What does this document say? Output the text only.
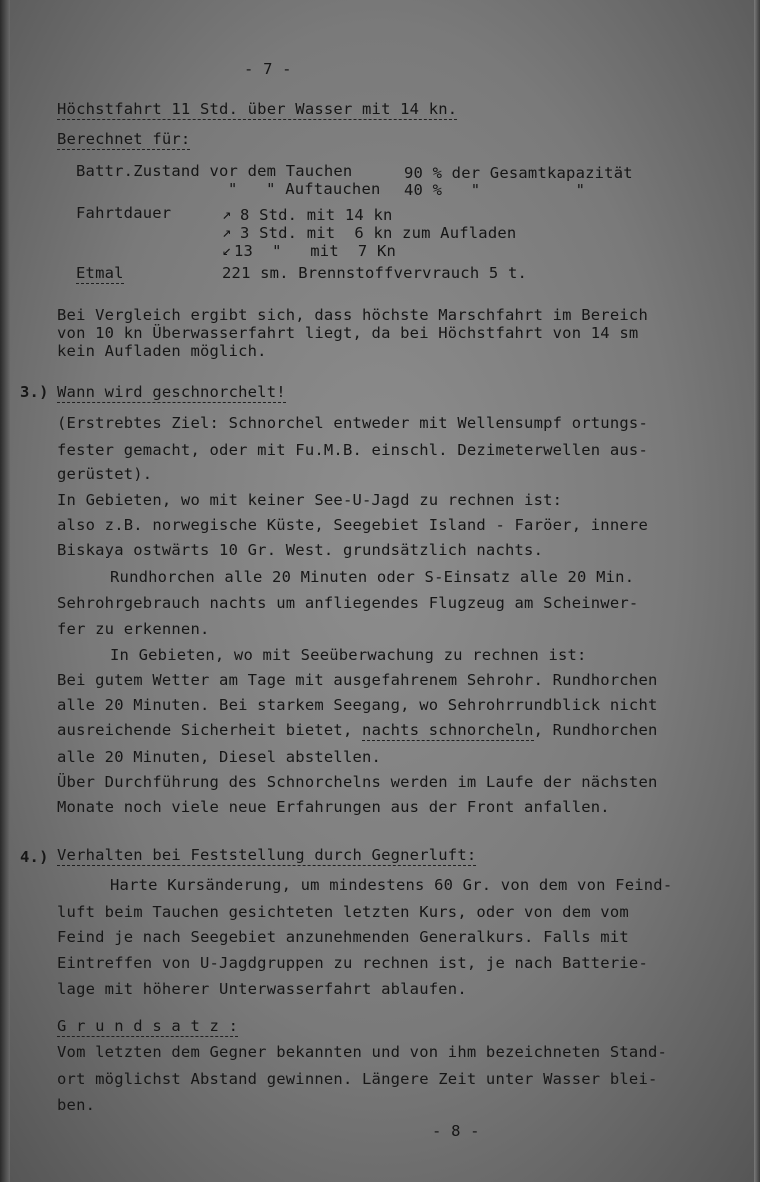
- 7 -
Höchstfahrt 11 Std. über Wasser mit 14 kn.
Berechnet für:
Battr.Zustand vor dem Tauchen	90 % der Gesamtkapazität
"   " Auftauchen 40 %   "          "
Fahrtdauer	↗ 8 Std. mit 14 kn
↗ 3 Std. mit  6 kn zum Aufladen
↙ 13  "   mit  7 Kn
Etmal	221 sm. Brennstoffvervrauch 5 t.
Bei Vergleich ergibt sich, dass höchste Marschfahrt im Bereich
von 10 kn Überwasserfahrt liegt, da bei Höchstfahrt von 14 sm
kein Aufladen möglich.
3.) Wann wird geschnorchelt!
(Erstrebtes Ziel: Schnorchel entweder mit Wellensumpf ortungs-
fester gemacht, oder mit Fu.M.B. einschl. Dezimeterwellen aus-
gerüstet).
In Gebieten, wo mit keiner See-U-Jagd zu rechnen ist:
also z.B. norwegische Küste, Seegebiet Island - Faröer, innere
Biskaya ostwärts 10 Gr. West. grundsätzlich nachts.
Rundhorchen alle 20 Minuten oder S-Einsatz alle 20 Min.
Sehrohrgebrauch nachts um anfliegendes Flugzeug am Scheinwer-
fer zu erkennen.
In Gebieten, wo mit Seeüberwachung zu rechnen ist:
Bei gutem Wetter am Tage mit ausgefahrenem Sehrohr. Rundhorchen
alle 20 Minuten. Bei starkem Seegang, wo Sehrohrrundblick nicht
ausreichende Sicherheit bietet, nachts schnorcheln, Rundhorchen
alle 20 Minuten, Diesel abstellen.
Über Durchführung des Schnorchelns werden im Laufe der nächsten
Monate noch viele neue Erfahrungen aus der Front anfallen.
4.) Verhalten bei Feststellung durch Gegnerluft:
Harte Kursänderung, um mindestens 60 Gr. von dem von Feind-
luft beim Tauchen gesichteten letzten Kurs, oder von dem vom
Feind je nach Seegebiet anzunehmenden Generalkurs. Falls mit
Eintreffen von U-Jagdgruppen zu rechnen ist, je nach Batterie-
lage mit höherer Unterwasserfahrt ablaufen.
G r u n d s a t z :
Vom letzten dem Gegner bekannten und von ihm bezeichneten Stand-
ort möglichst Abstand gewinnen. Längere Zeit unter Wasser blei-
ben.
- 8 -
